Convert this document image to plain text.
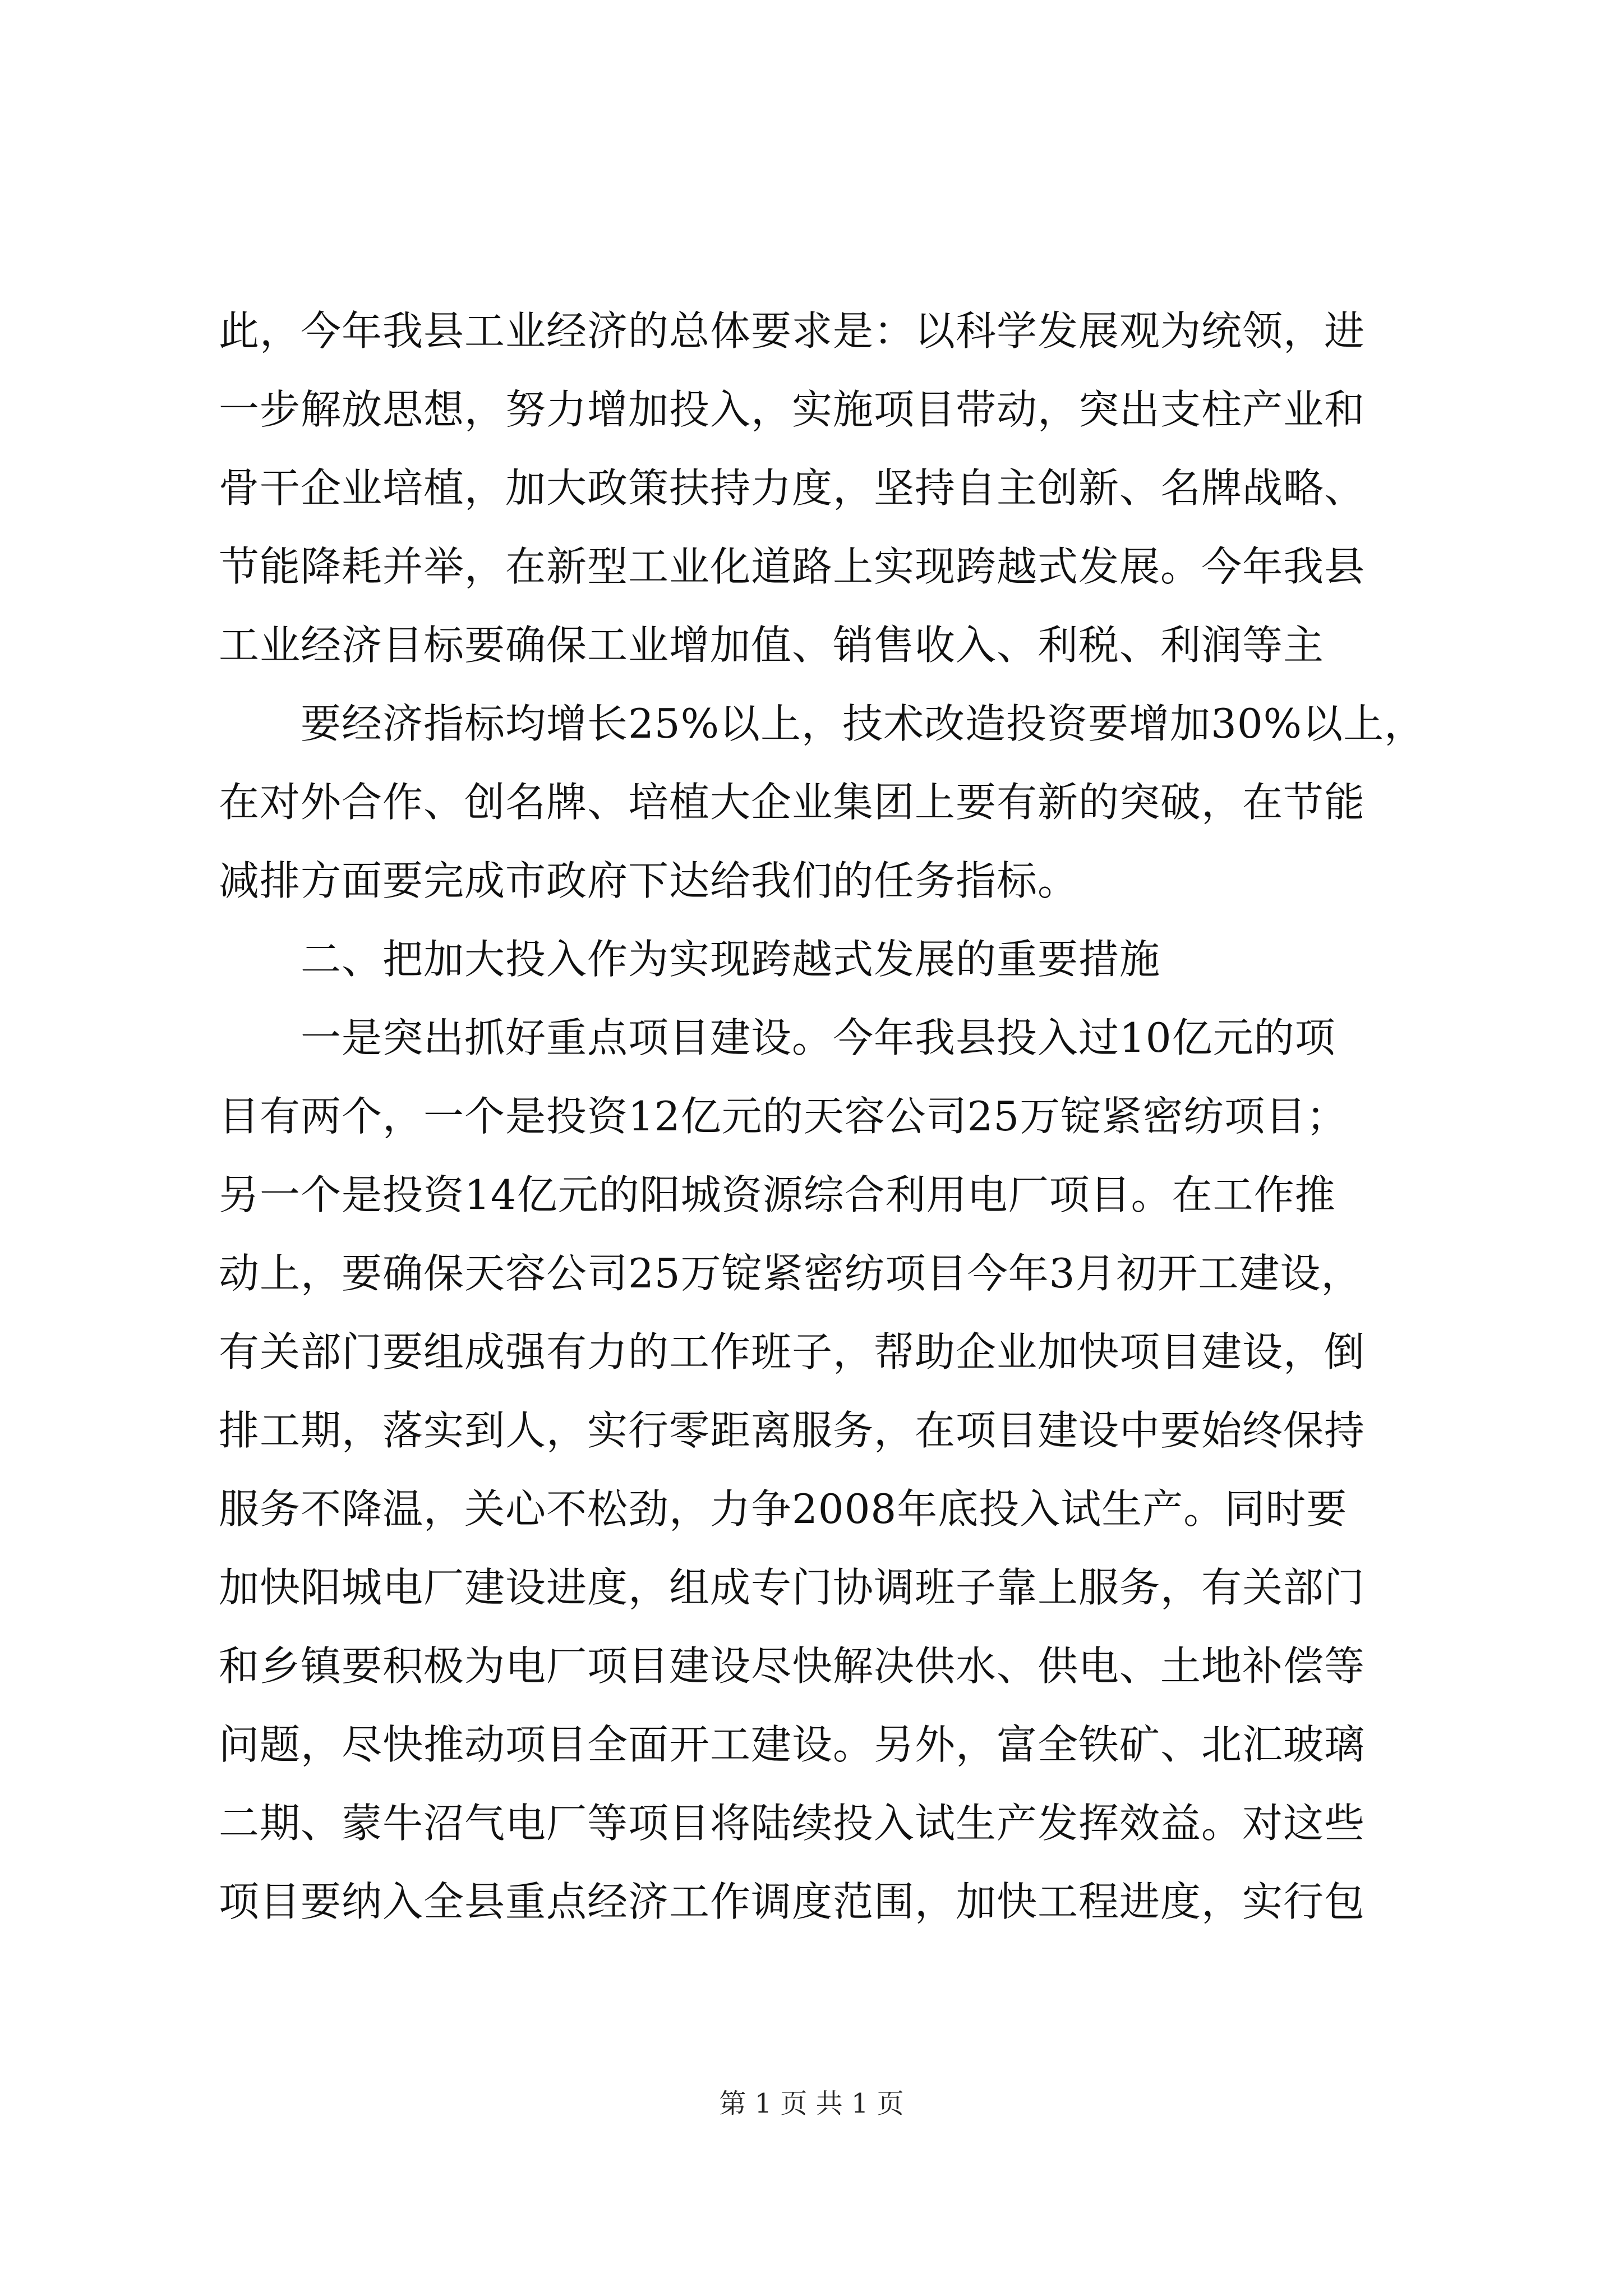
此，今年我县工业经济的总体要求是：以科学发展观为统领，进
一步解放思想，努力增加投入，实施项目带动，突出支柱产业和
骨干企业培植，加大政策扶持力度，坚持自主创新、名牌战略、
节能降耗并举，在新型工业化道路上实现跨越式发展。今年我县
工业经济目标要确保工业增加值、销售收入、利税、利润等主
要经济指标均增长25%以上，技术改造投资要增加30%以上，
在对外合作、创名牌、培植大企业集团上要有新的突破，在节能
减排方面要完成市政府下达给我们的任务指标。
二、把加大投入作为实现跨越式发展的重要措施
一是突出抓好重点项目建设。今年我县投入过10亿元的项
目有两个，一个是投资12亿元的天容公司25万锭紧密纺项目；
另一个是投资14亿元的阳城资源综合利用电厂项目。在工作推
动上，要确保天容公司25万锭紧密纺项目今年3月初开工建设，
有关部门要组成强有力的工作班子，帮助企业加快项目建设，倒
排工期，落实到人，实行零距离服务，在项目建设中要始终保持
服务不降温，关心不松劲，力争2008年底投入试生产。同时要
加快阳城电厂建设进度，组成专门协调班子靠上服务，有关部门
和乡镇要积极为电厂项目建设尽快解决供水、供电、土地补偿等
问题，尽快推动项目全面开工建设。另外，富全铁矿、北汇玻璃
二期、蒙牛沼气电厂等项目将陆续投入试生产发挥效益。对这些
项目要纳入全县重点经济工作调度范围，加快工程进度，实行包
第 1 页 共 1 页
